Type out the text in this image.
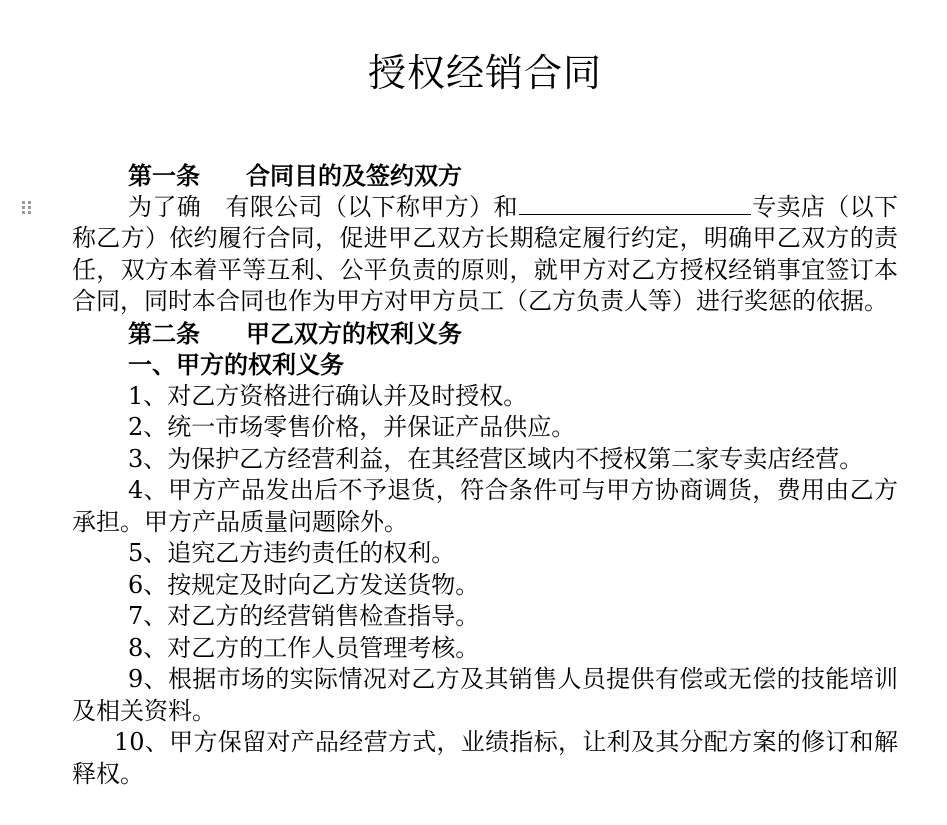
授权经销合同

第一条 合同目的及签约双方

为了确　有限公司（以下称甲方）和	专卖店（以下称乙方）依约履行合同，促进甲乙双方长期稳定履行约定，明确甲乙双方的责任，双方本着平等互利、公平负责的原则，就甲方对乙方授权经销事宜签订本合同，同时本合同也作为甲方对甲方员工（乙方负责人等）进行奖惩的依据。

第二条 甲乙双方的权利义务

一、甲方的权利义务

1、对乙方资格进行确认并及时授权。

2、统一市场零售价格，并保证产品供应。

3、为保护乙方经营利益，在其经营区域内不授权第二家专卖店经营。

4、甲方产品发出后不予退货，符合条件可与甲方协商调货，费用由乙方承担。甲方产品质量问题除外。

5、追究乙方违约责任的权利。

6、按规定及时向乙方发送货物。

7、对乙方的经营销售检查指导。

8、对乙方的工作人员管理考核。

9、根据市场的实际情况对乙方及其销售人员提供有偿或无偿的技能培训及相关资料。

10、甲方保留对产品经营方式，业绩指标，让利及其分配方案的修订和解释权。
